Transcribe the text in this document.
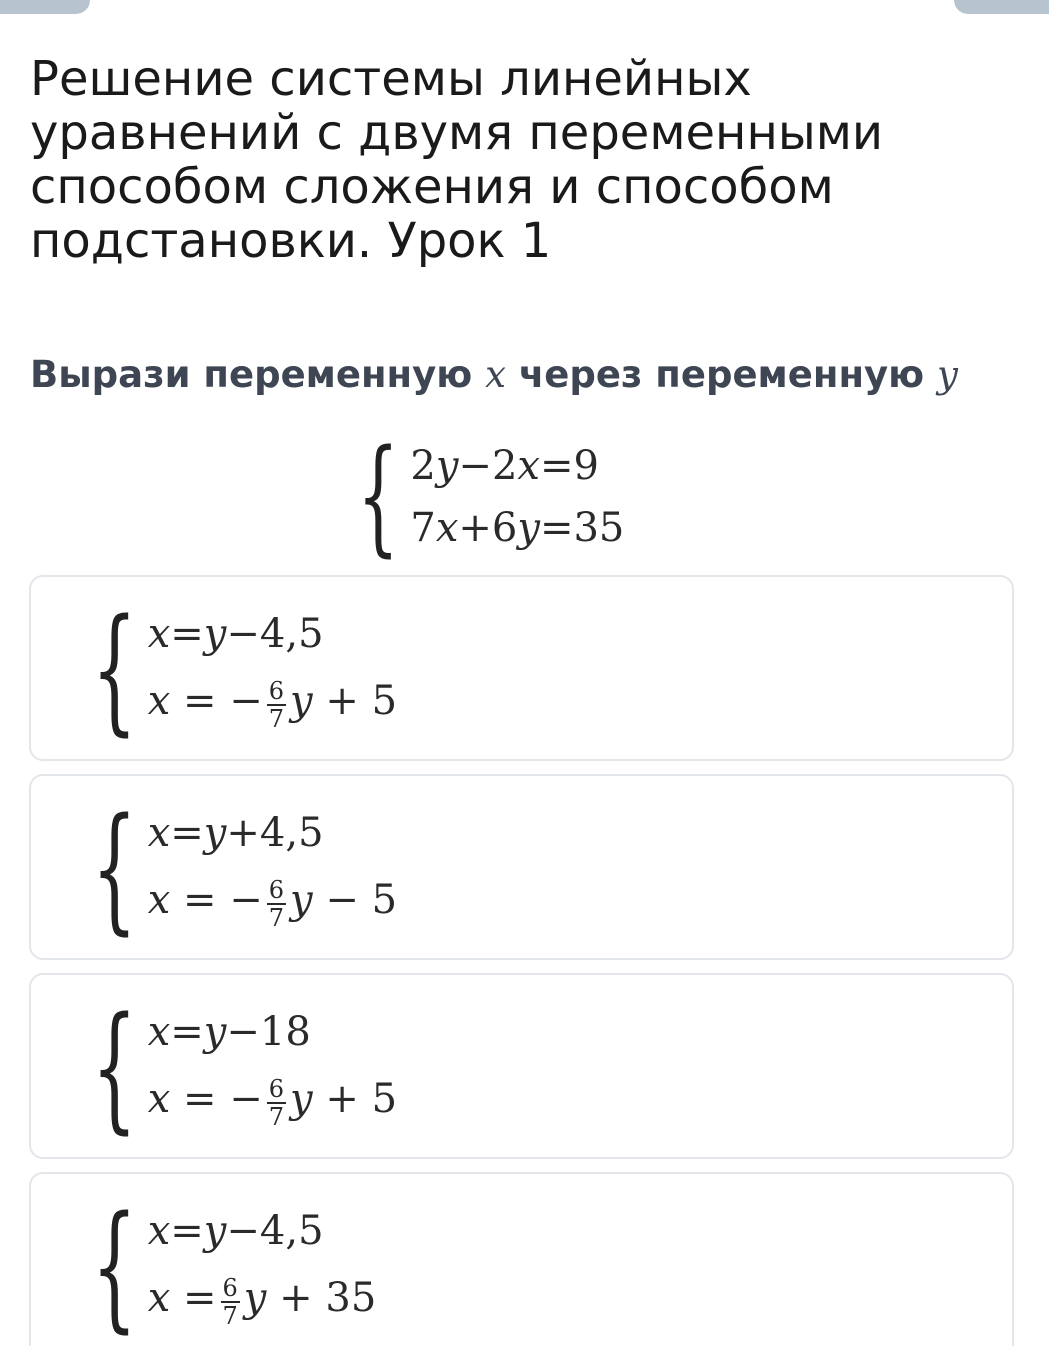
Решение системы линейных уравнений с двумя переменными способом сложения и способом подстановки. Урок 1

Вырази переменную x через переменную y

{ 2 y − 2 x = 9
7 x + 6 y = 3 5
{ x = y − 4 , 5
x = − $\frac{6}{7}$ y + 5
{ x = y + 4 , 5
x = − $\frac{6}{7}$ y − 5
{ x = y − 1 8
x = − $\frac{6}{7}$ y + 5
{ x = y − 4 , 5
$x = \frac{6}{7}$ y + 35
